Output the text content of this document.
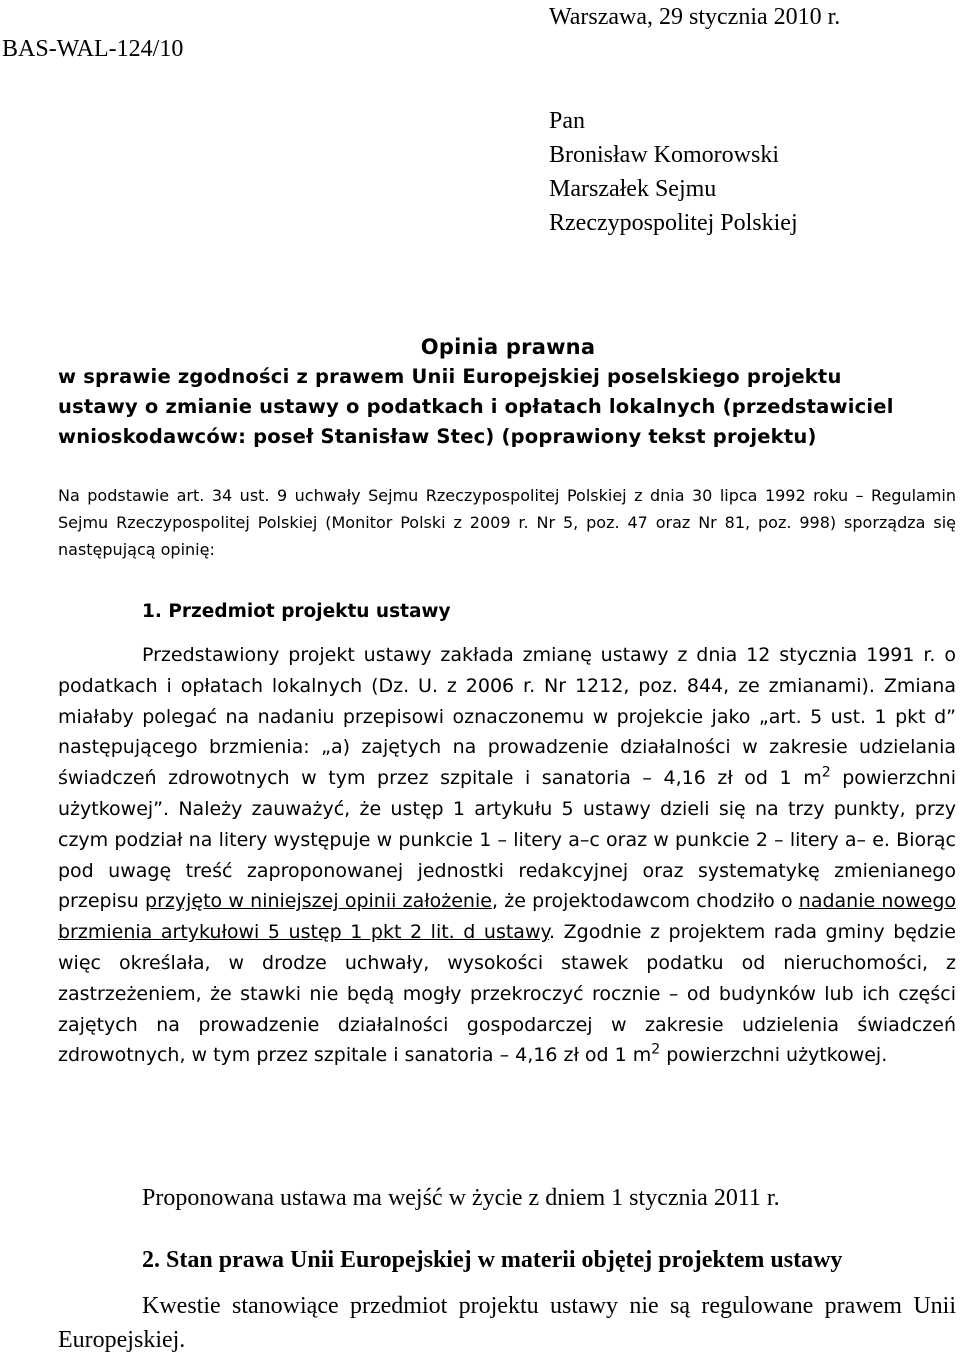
BAS-WAL-124/10
Warszawa, 29 stycznia 2010 r.
Pan
Bronisław Komorowski
Marszałek Sejmu
Rzeczypospolitej Polskiej
Opinia prawna
w sprawie zgodności z prawem Unii Europejskiej poselskiego projektu
ustawy o zmianie ustawy o podatkach i opłatach lokalnych (przedstawiciel
wnioskodawców: poseł Stanisław Stec) (poprawiony tekst projektu)
Na podstawie art. 34 ust. 9 uchwały Sejmu Rzeczypospolitej Polskiej z dnia 30 lipca 1992 roku – Regulamin Sejmu Rzeczypospolitej Polskiej (Monitor Polski z 2009 r. Nr 5, poz. 47 oraz Nr 81, poz. 998) sporządza się następującą opinię:
1. Przedmiot projektu ustawy
Przedstawiony projekt ustawy zakłada zmianę ustawy z dnia 12 stycznia 1991 r. o podatkach i opłatach lokalnych (Dz. U. z 2006 r. Nr 1212, poz. 844, ze zmianami). Zmiana miałaby polegać na nadaniu przepisowi oznaczonemu w projekcie jako „art. 5 ust. 1 pkt d” następującego brzmienia: „a) zajętych na prowadzenie działalności w zakresie udzielania świadczeń zdrowotnych w tym przez szpitale i sanatoria – 4,16 zł od 1 $m^2$ powierzchni użytkowej”. Należy zauważyć, że ustęp 1 artykułu 5 ustawy dzieli się na trzy punkty, przy czym podział na litery występuje w punkcie 1 – litery a–c oraz w punkcie 2 – litery a– e. Biorąc pod uwagę treść zaproponowanej jednostki redakcyjnej oraz systematykę zmienianego przepisu przyjęto w niniejszej opinii założenie, że projektodawcom chodziło o nadanie nowego brzmienia artykułowi 5 ustęp 1 pkt 2 lit. d ustawy. Zgodnie z projektem rada gminy będzie więc określała, w drodze uchwały, wysokości stawek podatku od nieruchomości, z zastrzeżeniem, że stawki nie będą mogły przekroczyć rocznie – od budynków lub ich części zajętych na prowadzenie działalności gospodarczej w zakresie udzielenia świadczeń zdrowotnych, w tym przez szpitale i sanatoria – 4,16 zł od 1 $m^2$ powierzchni użytkowej.
Proponowana ustawa ma wejść w życie z dniem 1 stycznia 2011 r.
2. Stan prawa Unii Europejskiej w materii objętej projektem ustawy
Kwestie stanowiące przedmiot projektu ustawy nie są regulowane prawem Unii Europejskiej.
